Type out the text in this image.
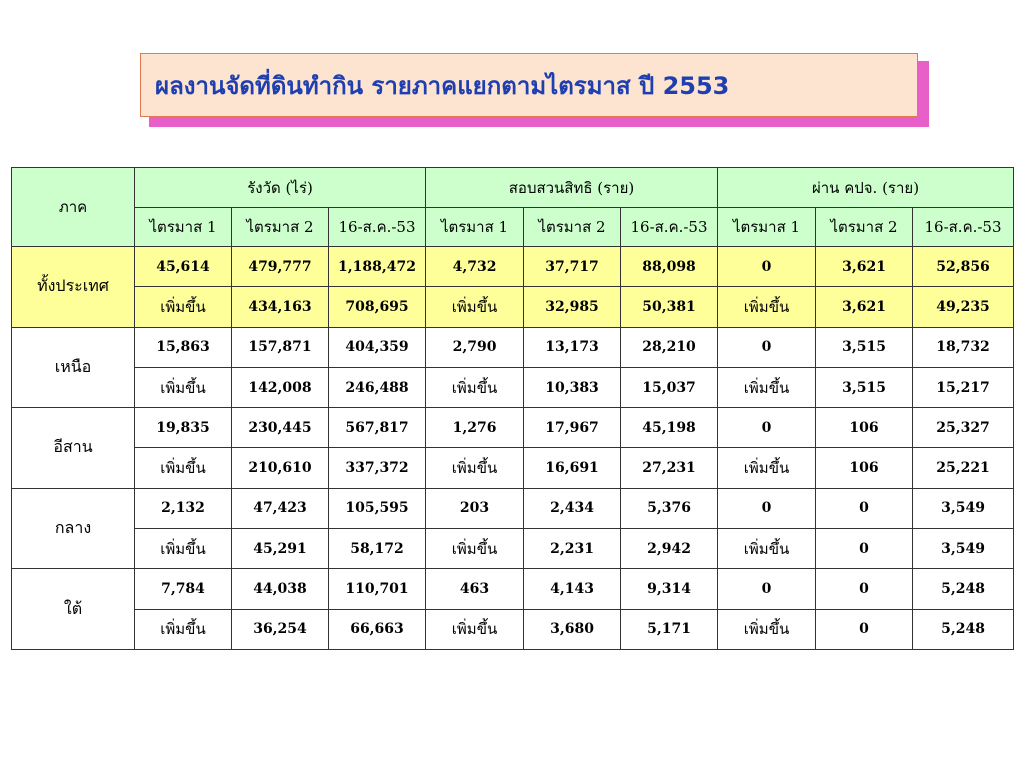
ผลงานจัดที่ดินทำกิน รายภาคแยกตามไตรมาส ปี 2553
ภาค	รังวัด (ไร่)			สอบสวนสิทธิ (ราย)			ผ่าน คปจ. (ราย)		
	ไตรมาส 1	ไตรมาส 2	16-ส.ค.-53	ไตรมาส 1	ไตรมาส 2	16-ส.ค.-53	ไตรมาส 1	ไตรมาส 2	16-ส.ค.-53
ทั้งประเทศ	45,614	479,777	1,188,472	4,732	37,717	88,098	0	3,621	52,856
	เพิ่มขึ้น	434,163	708,695	เพิ่มขึ้น	32,985	50,381	เพิ่มขึ้น	3,621	49,235
เหนือ	15,863	157,871	404,359	2,790	13,173	28,210	0	3,515	18,732
	เพิ่มขึ้น	142,008	246,488	เพิ่มขึ้น	10,383	15,037	เพิ่มขึ้น	3,515	15,217
อีสาน	19,835	230,445	567,817	1,276	17,967	45,198	0	106	25,327
	เพิ่มขึ้น	210,610	337,372	เพิ่มขึ้น	16,691	27,231	เพิ่มขึ้น	106	25,221
กลาง	2,132	47,423	105,595	203	2,434	5,376	0	0	3,549
	เพิ่มขึ้น	45,291	58,172	เพิ่มขึ้น	2,231	2,942	เพิ่มขึ้น	0	3,549
ใต้	7,784	44,038	110,701	463	4,143	9,314	0	0	5,248
	เพิ่มขึ้น	36,254	66,663	เพิ่มขึ้น	3,680	5,171	เพิ่มขึ้น	0	5,248
